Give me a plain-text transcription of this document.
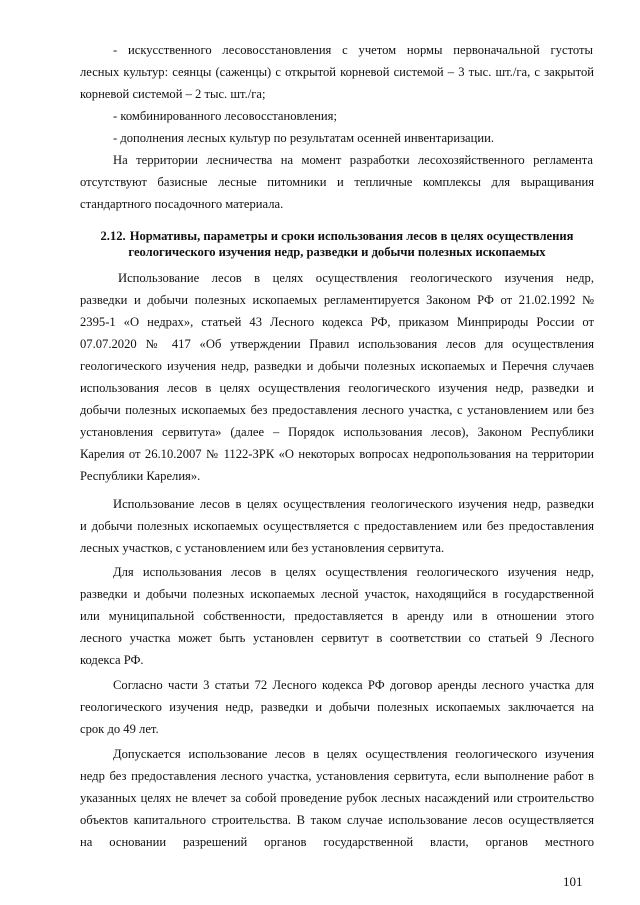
- искусственного лесовосстановления с учетом нормы первоначальной густоты

лесных культур: сеянцы (саженцы) с открытой корневой системой – 3 тыс. шт./га, с закрытой

корневой системой – 2 тыс. шт./га;

- комбинированного лесовосстановления;

- дополнения лесных культур по результатам осенней инвентаризации.

На территории лесничества на момент разработки лесохозяйственного регламента

отсутствуют базисные лесные питомники и тепличные комплексы для выращивания

стандартного посадочного материала.

2.12. Нормативы, параметры и сроки использования лесов в целях осуществления
геологического изучения недр, разведки и добычи полезных ископаемых

Использование лесов в целях осуществления геологического изучения недр,

разведки и добычи полезных ископаемых регламентируется Законом РФ от 21.02.1992 №

2395-1 «О недрах», статьей 43 Лесного кодекса РФ, приказом Минприроды России от

07.07.2020 № 417 «Об утверждении Правил использования лесов для осуществления

геологического изучения недр, разведки и добычи полезных ископаемых и Перечня случаев

использования лесов в целях осуществления геологического изучения недр, разведки и

добычи полезных ископаемых без предоставления лесного участка, с установлением или без

установления сервитута» (далее – Порядок использования лесов), Законом Республики

Карелия от 26.10.2007 № 1122-ЗРК «О некоторых вопросах недропользования на территории

Республики Карелия».

Использование лесов в целях осуществления геологического изучения недр, разведки

и добычи полезных ископаемых осуществляется с предоставлением или без предоставления

лесных участков, с установлением или без установления сервитута.

Для использования лесов в целях осуществления геологического изучения недр,

разведки и добычи полезных ископаемых лесной участок, находящийся в государственной

или муниципальной собственности, предоставляется в аренду или в отношении этого

лесного участка может быть установлен сервитут в соответствии со статьей 9 Лесного

кодекса РФ.

Согласно части 3 статьи 72 Лесного кодекса РФ договор аренды лесного участка для

геологического изучения недр, разведки и добычи полезных ископаемых заключается на

срок до 49 лет.

Допускается использование лесов в целях осуществления геологического изучения

недр без предоставления лесного участка, установления сервитута, если выполнение работ в

указанных целях не влечет за собой проведение рубок лесных насаждений или строительство

объектов капитального строительства. В таком случае использование лесов осуществляется

на основании разрешений органов государственной власти, органов местного

101
